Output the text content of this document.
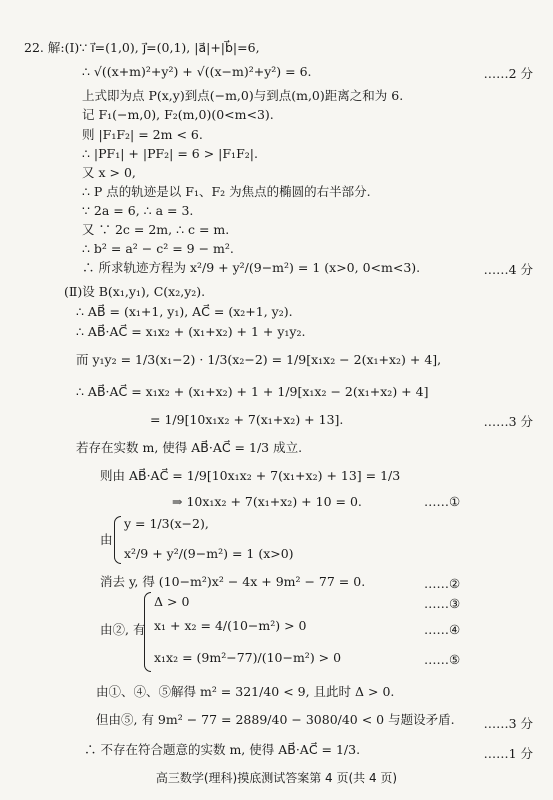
22. 解:(Ⅰ)∵ i⃗=(1,0), j⃗=(0,1), |a⃗|+|b⃗|=6,
∴ √((x+m)²+y²) + √((x−m)²+y²) = 6.	……2 分
上式即为点 P(x,y)到点(−m,0)与到点(m,0)距离之和为 6.
记 F₁(−m,0), F₂(m,0)(0<m<3).
则 |F₁F₂| = 2m < 6.
∴ |PF₁| + |PF₂| = 6 > |F₁F₂|.
又 x > 0,
∴ P 点的轨迹是以 F₁、F₂ 为焦点的椭圆的右半部分.
∵ 2a = 6, ∴ a = 3.
又 ∵ 2c = 2m, ∴ c = m.
∴ b² = a² − c² = 9 − m².
∴ 所求轨迹方程为 x²/9 + y²/(9−m²) = 1 (x>0, 0<m<3).	……4 分
(Ⅱ)设 B(x₁,y₁), C(x₂,y₂).
∴ AB⃗ = (x₁+1, y₁), AC⃗ = (x₂+1, y₂).
∴ AB⃗·AC⃗ = x₁x₂ + (x₁+x₂) + 1 + y₁y₂.
而 y₁y₂ = 1/3(x₁−2) · 1/3(x₂−2) = 1/9[x₁x₂ − 2(x₁+x₂) + 4],
∴ AB⃗·AC⃗ = x₁x₂ + (x₁+x₂) + 1 + 1/9[x₁x₂ − 2(x₁+x₂) + 4]
= 1/9[10x₁x₂ + 7(x₁+x₂) + 13].	……3 分
若存在实数 m, 使得 AB⃗·AC⃗ = 1/3 成立.
则由 AB⃗·AC⃗ = 1/9[10x₁x₂ + 7(x₁+x₂) + 13] = 1/3
⇒ 10x₁x₂ + 7(x₁+x₂) + 10 = 0.	……①
由
y = 1/3(x−2),
x²/9 + y²/(9−m²) = 1 (x>0)
消去 y, 得 (10−m²)x² − 4x + 9m² − 77 = 0.	……②
Δ > 0	……③
由②, 有 x₁ + x₂ = 4/(10−m²) > 0	……④
x₁x₂ = (9m²−77)/(10−m²) > 0	……⑤
由①、④、⑤解得 m² = 321/40 < 9, 且此时 Δ > 0.
但由⑤, 有 9m² − 77 = 2889/40 − 3080/40 < 0 与题设矛盾. ……3 分
∴ 不存在符合题意的实数 m, 使得 AB⃗·AC⃗ = 1/3.	……1 分
高三数学(理科)摸底测试答案第 4 页(共 4 页)
